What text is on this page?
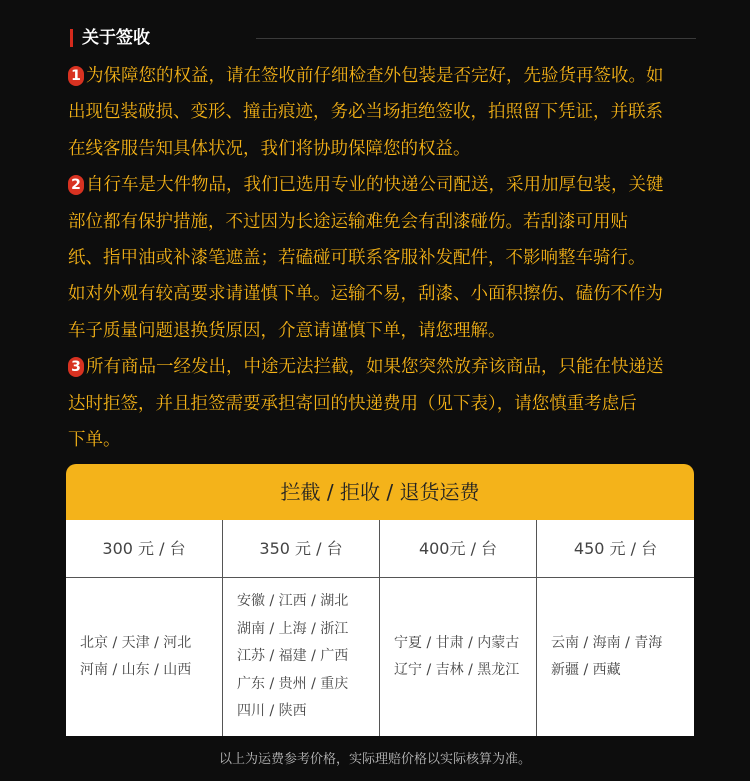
关于签收
1 为保障您的权益，请在签收前仔细检查外包装是否完好，先验货再签收。如
出现包装破损、变形、撞击痕迹，务必当场拒绝签收，拍照留下凭证，并联系
在线客服告知具体状况，我们将协助保障您的权益。
2 自行车是大件物品，我们已选用专业的快递公司配送，采用加厚包装，关键
部位都有保护措施，不过因为长途运输难免会有刮漆碰伤。若刮漆可用贴
纸、指甲油或补漆笔遮盖；若磕碰可联系客服补发配件，不影响整车骑行。
如对外观有较高要求请谨慎下单。运输不易，刮漆、小面积擦伤、磕伤不作为
车子质量问题退换货原因，介意请谨慎下单，请您理解。
3 所有商品一经发出，中途无法拦截，如果您突然放弃该商品，只能在快递送
达时拒签，并且拒签需要承担寄回的快递费用（见下表），请您慎重考虑后
下单。
拦截 / 拒收 / 退货运费
300 元 / 台
北京 / 天津 / 河北
河南 / 山东 / 山西
350 元 / 台
安徽 / 江西 / 湖北
湖南 / 上海 / 浙江
江苏 / 福建 / 广西
广东 / 贵州 / 重庆
四川 / 陕西
400元 / 台
宁夏 / 甘肃 / 内蒙古
辽宁 / 吉林 / 黑龙江
450 元 / 台
云南 / 海南 / 青海
新疆 / 西藏
以上为运费参考价格，实际理赔价格以实际核算为准。
